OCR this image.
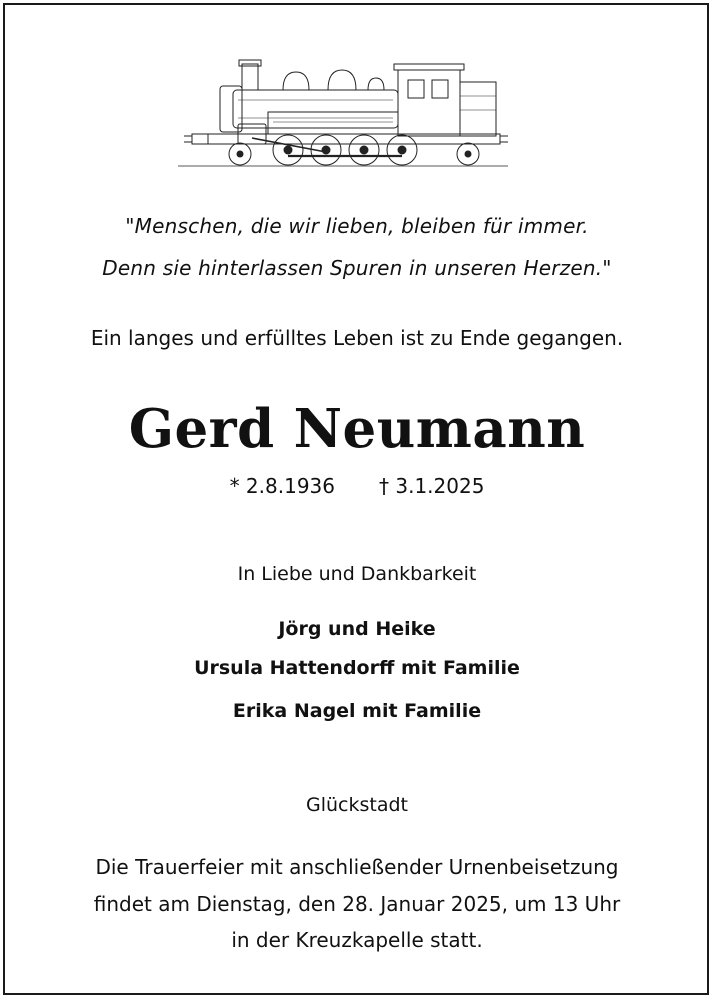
"Menschen, die wir lieben, bleiben für immer.
Denn sie hinterlassen Spuren in unseren Herzen."
Ein langes und erfülltes Leben ist zu Ende gegangen.
Gerd Neumann
* 2.8.1936 † 3.1.2025
In Liebe und Dankbarkeit
Jörg und Heike
Ursula Hattendorff mit Familie
Erika Nagel mit Familie
Glückstadt
Die Trauerfeier mit anschließender Urnenbeisetzung
findet am Dienstag, den 28. Januar 2025, um 13 Uhr
in der Kreuzkapelle statt.
